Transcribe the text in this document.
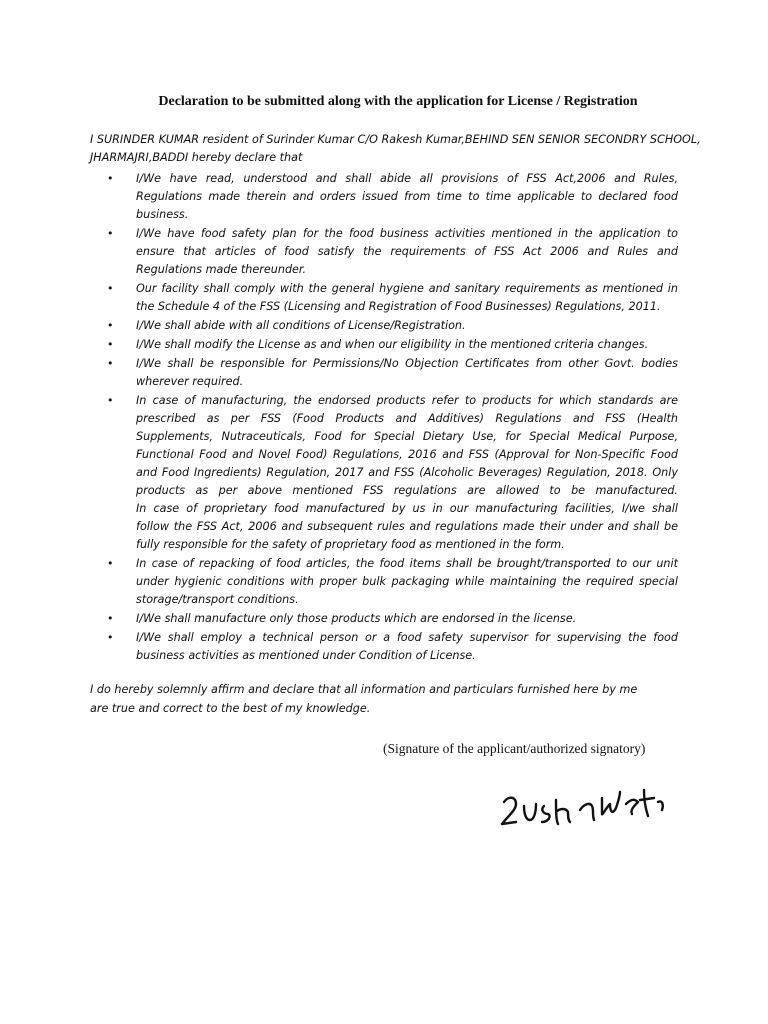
Declaration to be submitted along with the application for License / Registration
I SURINDER KUMAR resident of Surinder Kumar C/O Rakesh Kumar,BEHIND SEN SENIOR SECONDRY SCHOOL,
JHARMAJRI,BADDI hereby declare that
• I/We have read, understood and shall abide all provisions of FSS Act,2006 and Rules,
Regulations made therein and orders issued from time to time applicable to declared food
business.
• I/We have food safety plan for the food business activities mentioned in the application to
ensure that articles of food satisfy the requirements of FSS Act 2006 and Rules and
Regulations made thereunder.
• Our facility shall comply with the general hygiene and sanitary requirements as mentioned in
the Schedule 4 of the FSS (Licensing and Registration of Food Businesses) Regulations, 2011.
• I/We shall abide with all conditions of License/Registration.
• I/We shall modify the License as and when our eligibility in the mentioned criteria changes.
• I/We shall be responsible for Permissions/No Objection Certificates from other Govt. bodies
wherever required.
• In case of manufacturing, the endorsed products refer to products for which standards are
prescribed as per FSS (Food Products and Additives) Regulations and FSS (Health
Supplements, Nutraceuticals, Food for Special Dietary Use, for Special Medical Purpose,
Functional Food and Novel Food) Regulations, 2016 and FSS (Approval for Non-Specific Food
and Food Ingredients) Regulation, 2017 and FSS (Alcoholic Beverages) Regulation, 2018. Only
products as per above mentioned FSS regulations are allowed to be manufactured.
In case of proprietary food manufactured by us in our manufacturing facilities, I/we shall
follow the FSS Act, 2006 and subsequent rules and regulations made their under and shall be
fully responsible for the safety of proprietary food as mentioned in the form.
• In case of repacking of food articles, the food items shall be brought/transported to our unit
under hygienic conditions with proper bulk packaging while maintaining the required special
storage/transport conditions.
• I/We shall manufacture only those products which are endorsed in the license.
• I/We shall employ a technical person or a food safety supervisor for supervising the food
business activities as mentioned under Condition of License.
I do hereby solemnly affirm and declare that all information and particulars furnished here by me
are true and correct to the best of my knowledge.
(Signature of the applicant/authorized signatory)
